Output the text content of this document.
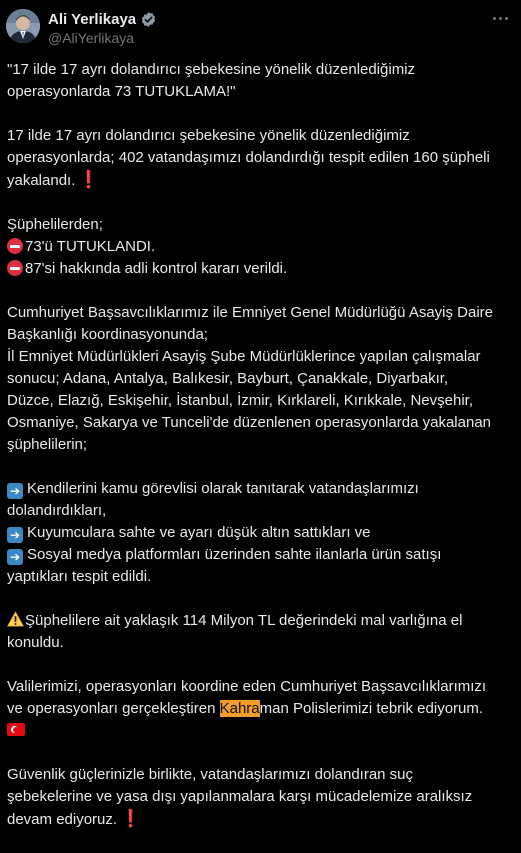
Ali Yerlikaya
@AliYerlikaya
"17 ilde 17 ayrı dolandırıcı şebekesine yönelik düzenlediğimiz
operasyonlarda 73 TUTUKLAMA!"
17 ilde 17 ayrı dolandırıcı şebekesine yönelik düzenlediğimiz
operasyonlarda; 402 vatandaşımızı dolandırdığı tespit edilen 160 şüpheli
yakalandı. ❗
Şüphelilerden;
73'ü TUTUKLANDI.
87'si hakkında adli kontrol kararı verildi.
Cumhuriyet Başsavcılıklarımız ile Emniyet Genel Müdürlüğü Asayiş Daire
Başkanlığı koordinasyonunda;
İl Emniyet Müdürlükleri Asayiş Şube Müdürlüklerince yapılan çalışmalar
sonucu; Adana, Antalya, Balıkesir, Bayburt, Çanakkale, Diyarbakır,
Düzce, Elazığ, Eskişehir, İstanbul, İzmir, Kırklareli, Kırıkkale, Nevşehir,
Osmaniye, Sakarya ve Tunceli'de düzenlenen operasyonlarda yakalanan
şüphelilerin;
➔ Kendilerini kamu görevlisi olarak tanıtarak vatandaşlarımızı
dolandırdıkları,
➔ Kuyumculara sahte ve ayarı düşük altın sattıkları ve
➔ Sosyal medya platformları üzerinden sahte ilanlarla ürün satışı
yaptıkları tespit edildi.
Şüphelilere ait yaklaşık 114 Milyon TL değerindeki mal varlığına el
konuldu.
Valilerimizi, operasyonları koordine eden Cumhuriyet Başsavcılıklarımızı
ve operasyonları gerçekleştiren Kahraman Polislerimizi tebrik ediyorum.
Güvenlik güçlerinizle birlikte, vatandaşlarımızı dolandıran suç
şebekelerine ve yasa dışı yapılanmalara karşı mücadelemize aralıksız
devam ediyoruz. ❗
